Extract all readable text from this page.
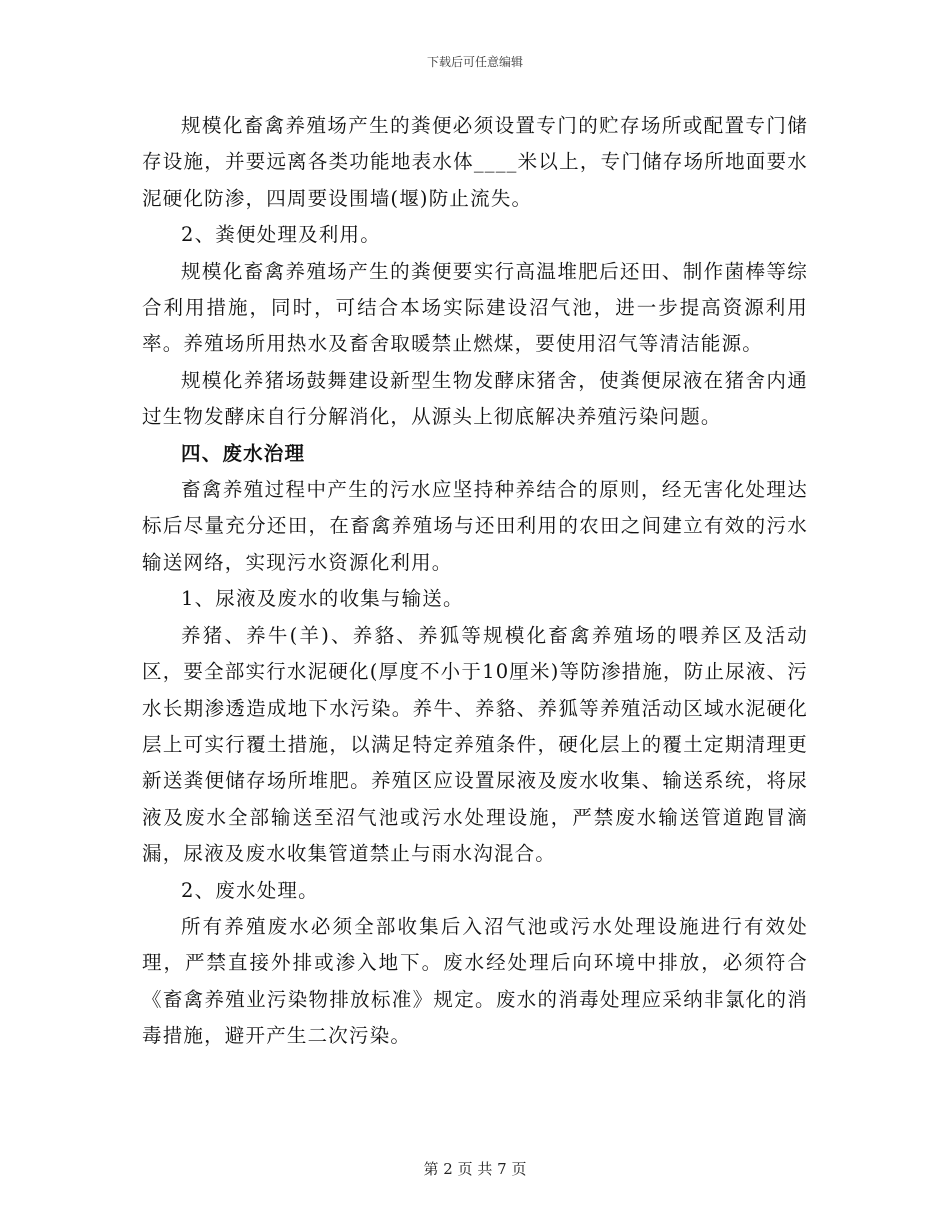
下载后可任意编辑

规模化畜禽养殖场产生的粪便必须设置专门的贮存场所或配置专门储存设施，并要远离各类功能地表水体____米以上，专门储存场所地面要水泥硬化防渗，四周要设围墙(堰)防止流失。

2、粪便处理及利用。

规模化畜禽养殖场产生的粪便要实行高温堆肥后还田、制作菌棒等综合利用措施，同时，可结合本场实际建设沼气池，进一步提高资源利用率。养殖场所用热水及畜舍取暖禁止燃煤，要使用沼气等清洁能源。

规模化养猪场鼓舞建设新型生物发酵床猪舍，使粪便尿液在猪舍内通过生物发酵床自行分解消化，从源头上彻底解决养殖污染问题。

四、废水治理

畜禽养殖过程中产生的污水应坚持种养结合的原则，经无害化处理达标后尽量充分还田，在畜禽养殖场与还田利用的农田之间建立有效的污水输送网络，实现污水资源化利用。

1、尿液及废水的收集与输送。

养猪、养牛(羊)、养貉、养狐等规模化畜禽养殖场的喂养区及活动区，要全部实行水泥硬化(厚度不小于10厘米)等防渗措施，防止尿液、污水长期渗透造成地下水污染。养牛、养貉、养狐等养殖活动区域水泥硬化层上可实行覆土措施，以满足特定养殖条件，硬化层上的覆土定期清理更新送粪便储存场所堆肥。养殖区应设置尿液及废水收集、输送系统，将尿液及废水全部输送至沼气池或污水处理设施，严禁废水输送管道跑冒滴漏，尿液及废水收集管道禁止与雨水沟混合。

2、废水处理。

所有养殖废水必须全部收集后入沼气池或污水处理设施进行有效处理，严禁直接外排或渗入地下。废水经处理后向环境中排放，必须符合《畜禽养殖业污染物排放标准》规定。废水的消毒处理应采纳非氯化的消毒措施，避开产生二次污染。

第 2 页 共 7 页
